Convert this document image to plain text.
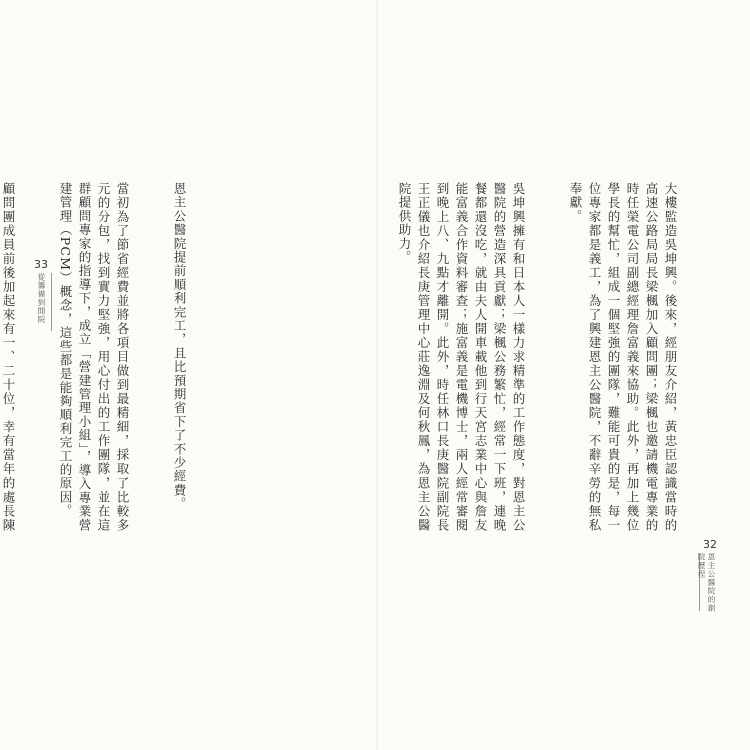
大樓監造吳坤興。後來，經朋友介紹，黃忠臣認識當時的高速公路局局長梁楓加入顧問團；梁楓也邀請機電專業的時任榮電公司副總經理詹富義來協助。此外，再加上幾位學長的幫忙，組成一個堅強的團隊，難能可貴的是，每一位專家都是義工，為了興建恩主公醫院，不辭辛勞的無私奉獻。

吳坤興擁有和日本人一樣力求精準的工作態度，對恩主公醫院的營造深具貢獻；梁楓公務繁忙，經常一下班，連晚餐都還沒吃，就由夫人開車載他到行天宮志業中心與詹友能富義合作資料審查；施富義是電機博士，兩人經常審閱到晚上八、九點才離開。此外，時任林口長庚醫院副院長王正儀也介紹長庚管理中心莊逸淵及何秋鳳，為恩主公醫院提供助力。

32
恩主公醫院的創院歷程

恩主公醫院提前順利完工，且比預期省下了不少經費。

當初為了節省經費並將各項目做到最精細，採取了比較多元的分包，找到實力堅強，用心付出的工作團隊，並在這群顧問專家的指導下，成立「營建管理小組」，導入專業營建管理（PCM）概念，這些都是能夠順利完工的原因。

顧問團成員前後加起來有一、二十位，幸有當年的處長陳

33
從籌備到開院
